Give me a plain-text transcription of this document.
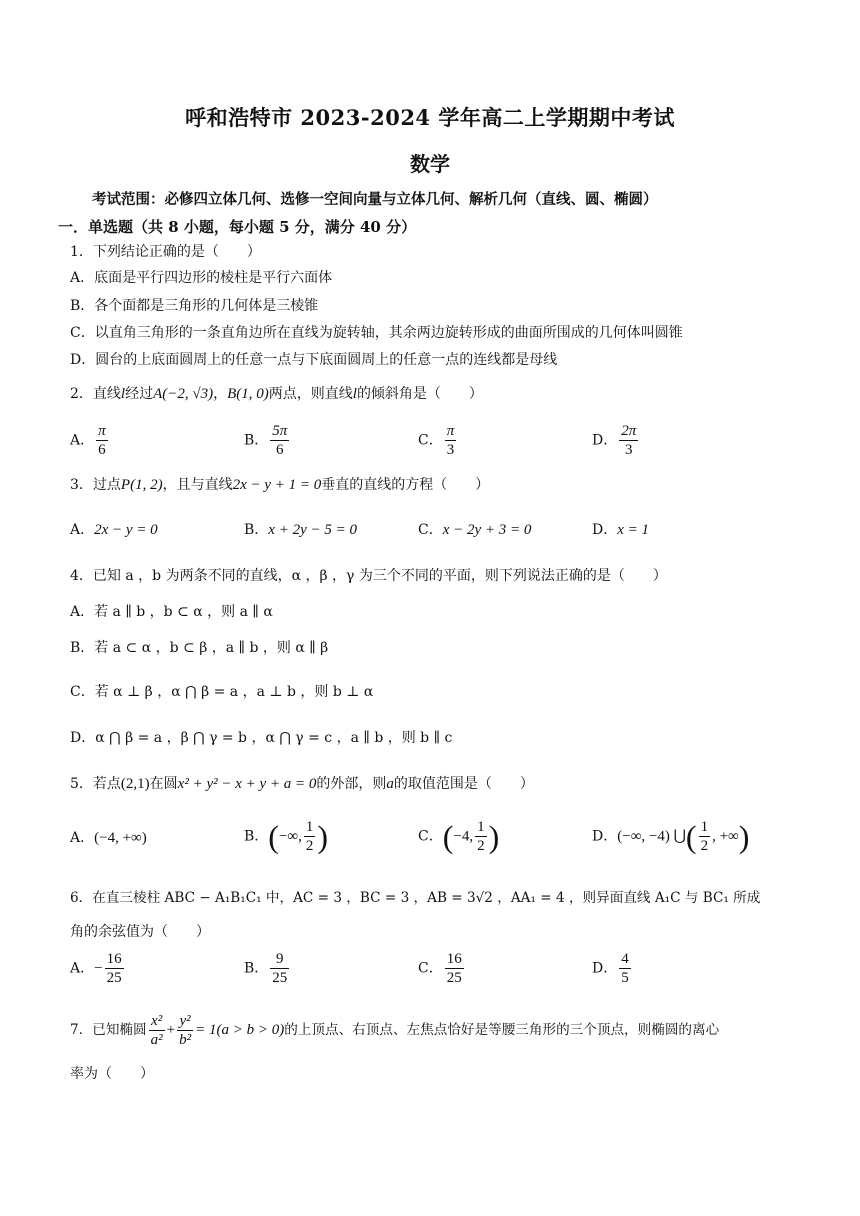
呼和浩特市 2023-2024 学年高二上学期期中考试
数学
考试范围：必修四立体几何、选修一空间向量与立体几何、解析几何（直线、圆、椭圆）
一．单选题（共 8 小题，每小题 5 分，满分 40 分）
1．下列结论正确的是（　　）
A．底面是平行四边形的棱柱是平行六面体
B．各个面都是三角形的几何体是三棱锥
C．以直角三角形的一条直角边所在直线为旋转轴，其余两边旋转形成的曲面所围成的几何体叫圆锥
D．圆台的上底面圆周上的任意一点与下底面圆周上的任意一点的连线都是母线
2．直线l经过A(−2, √3)，B(1, 0)两点，则直线l的倾斜角是（　　）
A． $\frac{\pi}{6}$	B． $\frac{5\pi}{6}$	C． $\frac{\pi}{3}$	D． $\frac{2\pi}{3}$
3．过点P(1, 2)，且与直线2x − y + 1 = 0垂直的直线的方程（　　）
A．2x − y = 0	B．x + 2y − 5 = 0	C．x − 2y + 3 = 0	D．x = 1
4．已知 a ，b 为两条不同的直线，α ，β ，γ 为三个不同的平面，则下列说法正确的是（　　）
A．若 a ∥ b ，b ⊂ α ，则 a ∥ α
B．若 a ⊂ α ，b ⊂ β ，a ∥ b ，则 α ∥ β
C．若 α ⊥ β ，α ⋂ β = a ，a ⊥ b ，则 b ⊥ α
D．α ⋂ β = a ，β ⋂ γ = b ，α ⋂ γ = c ，a ∥ b ，则 b ∥ c
5．若点(2,1)在圆x² + y² − x + y + a = 0的外部，则a的取值范围是（　　）
A．(−4, +∞)	B．(−∞, $\frac{1}{2}$ )	C．(−4, $\frac{1}{2}$ )	D．(−∞, −4) ⋃( $\frac{1}{2}$ , +∞)
6．在直三棱柱 ABC − A₁B₁C₁ 中，AC = 3 ，BC = 3 ，AB = 3√2 ，AA₁ = 4 ，则异面直线 A₁C 与 BC₁ 所成
角的余弦值为（　　）
A．− $\frac{16}{25}$	B． $\frac{9}{25}$	C． $\frac{16}{25}$	D． $\frac{4}{5}$
7．已知椭圆 $\frac{\text{x²}}{\text{a²}} + \frac{\text{y²}}{\text{b²}} = 1(a > b > 0)$的上顶点、右顶点、左焦点恰好是等腰三角形的三个顶点，则椭圆的离心
率为（　　）
